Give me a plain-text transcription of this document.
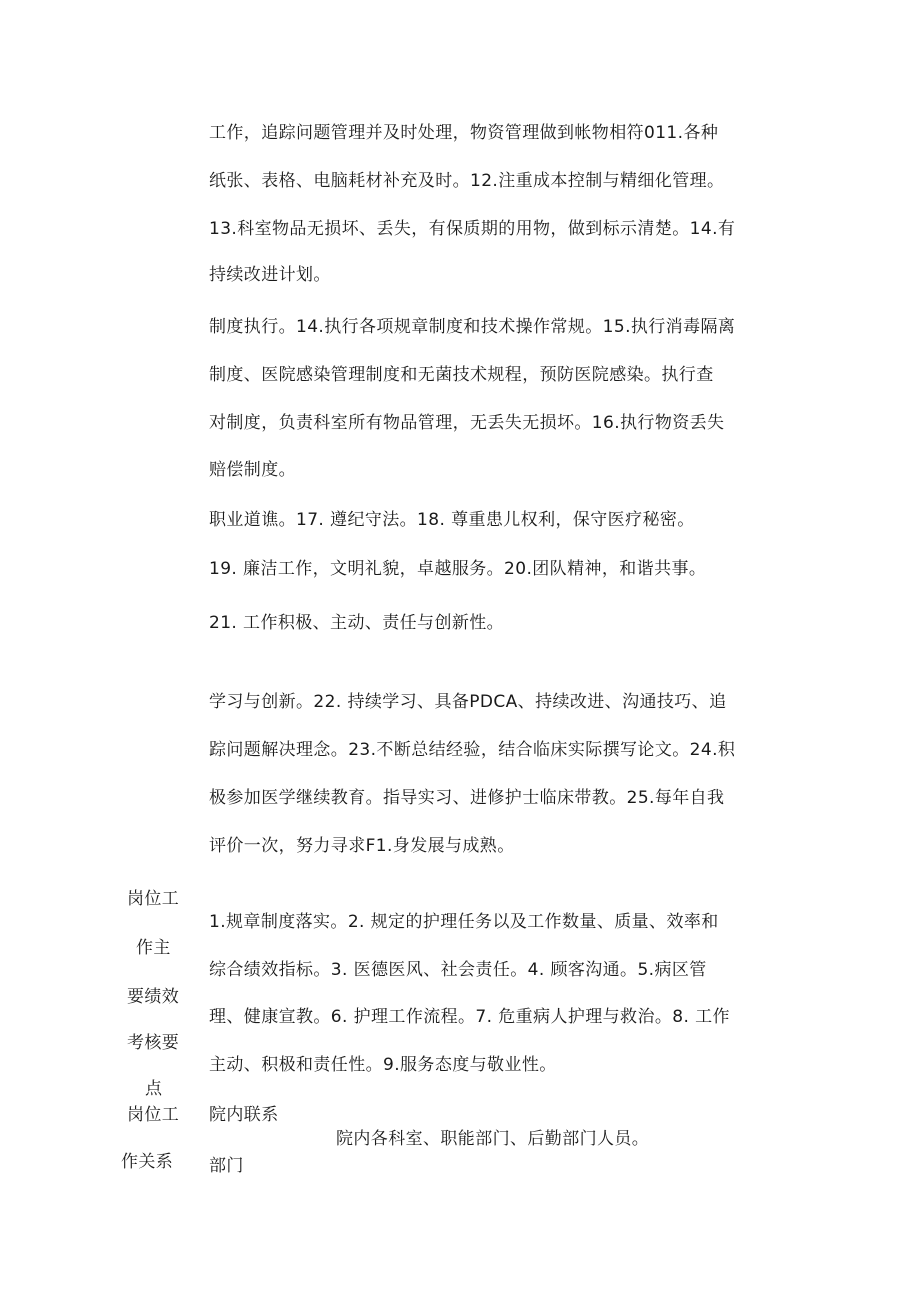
工作，追踪问题管理并及时处理，物资管理做到帐物相符011.各种
纸张、表格、电脑耗材补充及时。12.注重成本控制与精细化管理。
13.科室物品无损坏、丢失，有保质期的用物，做到标示清楚。14.有
持续改进计划。
制度执行。14.执行各项规章制度和技术操作常规。15.执行消毒隔离
制度、医院感染管理制度和无菌技术规程，预防医院感染。执行查
对制度，负责科室所有物品管理，无丢失无损坏。16.执行物资丢失
赔偿制度。
职业道谯。17. 遵纪守法。18. 尊重患儿权利，保守医疗秘密。
19. 廉洁工作，文明礼貌，卓越服务。20.团队精神，和谐共事。
21. 工作积极、主动、责任与创新性。
学习与创新。22. 持续学习、具备PDCA、持续改进、沟通技巧、追
踪问题解决理念。23.不断总结经验，结合临床实际撰写论文。24.积
极参加医学继续教育。指导实习、进修护士临床带教。25.每年自我
评价一次，努力寻求F1.身发展与成熟。
岗位工
作主
要绩效
考核要
点
1.规章制度落实。2. 规定的护理任务以及工作数量、质量、效率和
综合绩效指标。3. 医德医风、社会责任。4. 顾客沟通。5.病区管
理、健康宣教。6. 护理工作流程。7. 危重病人护理与救治。8. 工作
主动、积极和责任性。9.服务态度与敬业性。
岗位工
作关系
院内联系
部门
院内各科室、职能部门、后勤部门人员。
